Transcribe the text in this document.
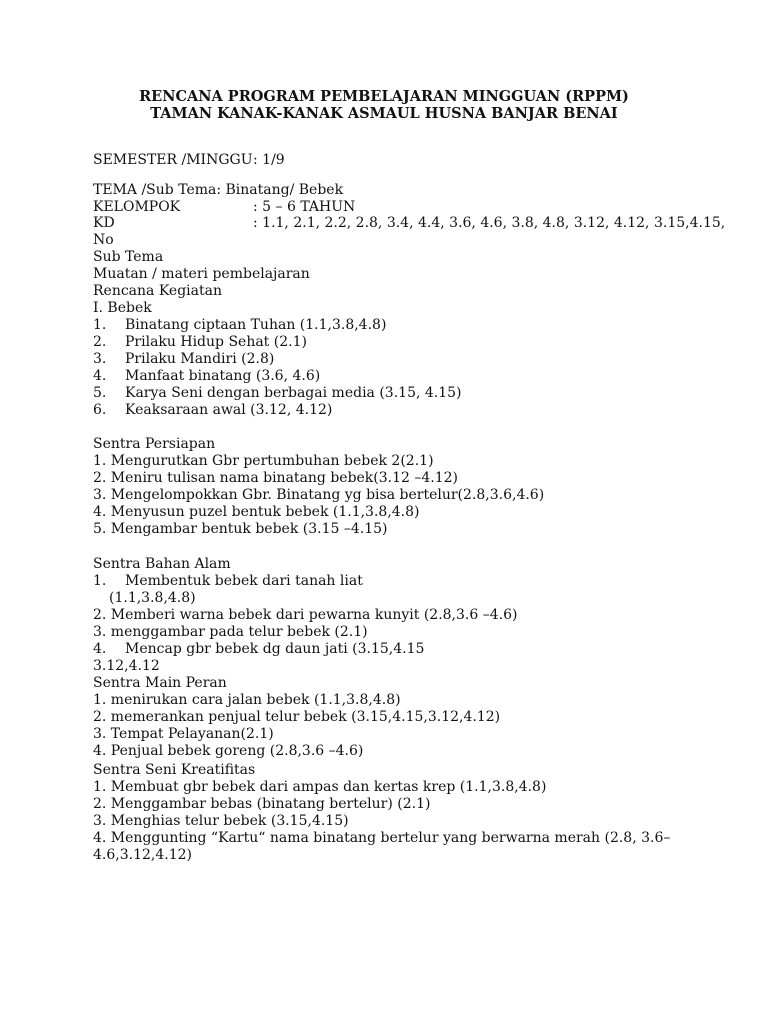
RENCANA PROGRAM PEMBELAJARAN MINGGUAN (RPPM)
TAMAN KANAK-KANAK ASMAUL HUSNA BANJAR BENAI
SEMESTER /MINGGU: 1/9
TEMA /Sub Tema: Binatang/ Bebek
KELOMPOK	: 5 – 6 TAHUN
KD	: 1.1, 2.1, 2.2, 2.8, 3.4, 4.4, 3.6, 4.6, 3.8, 4.8, 3.12, 4.12, 3.15,4.15,
No
Sub Tema
Muatan / materi pembelajaran
Rencana Kegiatan
I. Bebek
1. Binatang ciptaan Tuhan (1.1,3.8,4.8)
2. Prilaku Hidup Sehat (2.1)
3. Prilaku Mandiri (2.8)
4. Manfaat binatang (3.6, 4.6)
5. Karya Seni dengan berbagai media (3.15, 4.15)
6. Keaksaraan awal (3.12, 4.12)
Sentra Persiapan
1. Mengurutkan Gbr pertumbuhan bebek 2(2.1)
2. Meniru tulisan nama binatang bebek(3.12 –4.12)
3. Mengelompokkan Gbr. Binatang yg bisa bertelur(2.8,3.6,4.6)
4. Menyusun puzel bentuk bebek (1.1,3.8,4.8)
5. Mengambar bentuk bebek (3.15 –4.15)
Sentra Bahan Alam
1. Membentuk bebek dari tanah liat
(1.1,3.8,4.8)
2. Memberi warna bebek dari pewarna kunyit (2.8,3.6 –4.6)
3. menggambar pada telur bebek (2.1)
4. Mencap gbr bebek dg daun jati (3.15,4.15
3.12,4.12
Sentra Main Peran
1. menirukan cara jalan bebek (1.1,3.8,4.8)
2. memerankan penjual telur bebek (3.15,4.15,3.12,4.12)
3. Tempat Pelayanan(2.1)
4. Penjual bebek goreng (2.8,3.6 –4.6)
Sentra Seni Kreatifitas
1. Membuat gbr bebek dari ampas dan kertas krep (1.1,3.8,4.8)
2. Menggambar bebas (binatang bertelur) (2.1)
3. Menghias telur bebek (3.15,4.15)
4. Menggunting “Kartu“ nama binatang bertelur yang berwarna merah (2.8, 3.6–
4.6,3.12,4.12)
